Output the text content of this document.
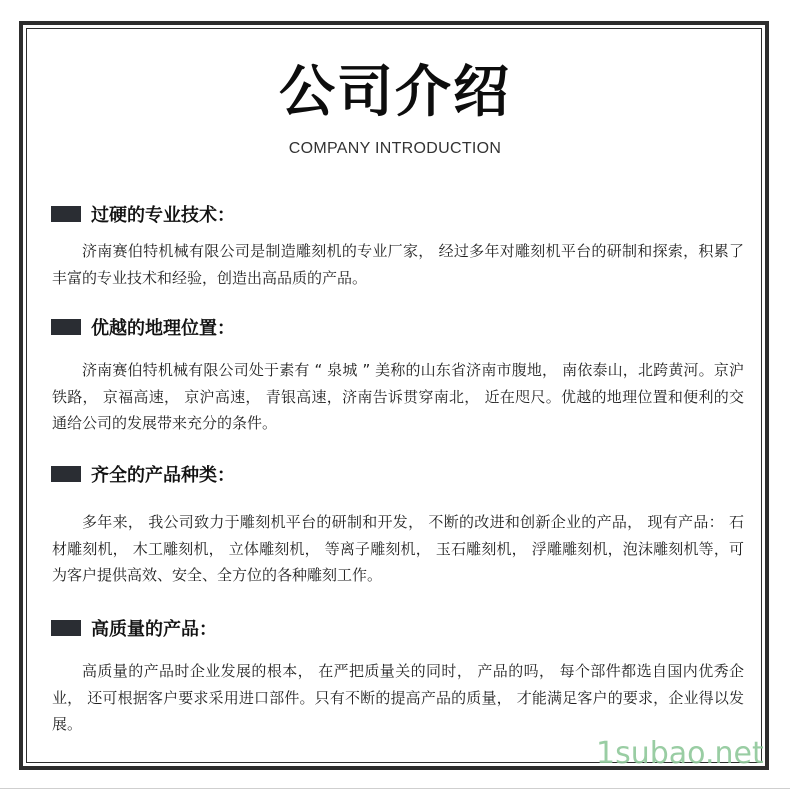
公司介绍
COMPANY INTRODUCTION
过硬的专业技术：
济南赛伯特机械有限公司是制造雕刻机的专业厂家， 经过多年对雕刻机平台的研制和探索，积累了丰富的专业技术和经验，创造出高品质的产品。
优越的地理位置：
济南赛伯特机械有限公司处于素有 “ 泉城 ” 美称的山东省济南市腹地， 南依泰山，北跨黄河。京沪铁路， 京福高速， 京沪高速， 青银高速，济南告诉贯穿南北， 近在咫尺。优越的地理位置和便利的交通给公司的发展带来充分的条件。
齐全的产品种类：
多年来， 我公司致力于雕刻机平台的研制和开发， 不断的改进和创新企业的产品， 现有产品： 石材雕刻机， 木工雕刻机， 立体雕刻机， 等离子雕刻机， 玉石雕刻机， 浮雕雕刻机，泡沫雕刻机等，可为客户提供高效、安全、全方位的各种雕刻工作。
高质量的产品：
高质量的产品时企业发展的根本， 在严把质量关的同时， 产品的吗， 每个部件都选自国内优秀企业， 还可根据客户要求采用进口部件。只有不断的提高产品的质量， 才能满足客户的要求，企业得以发展。
1subao.net
